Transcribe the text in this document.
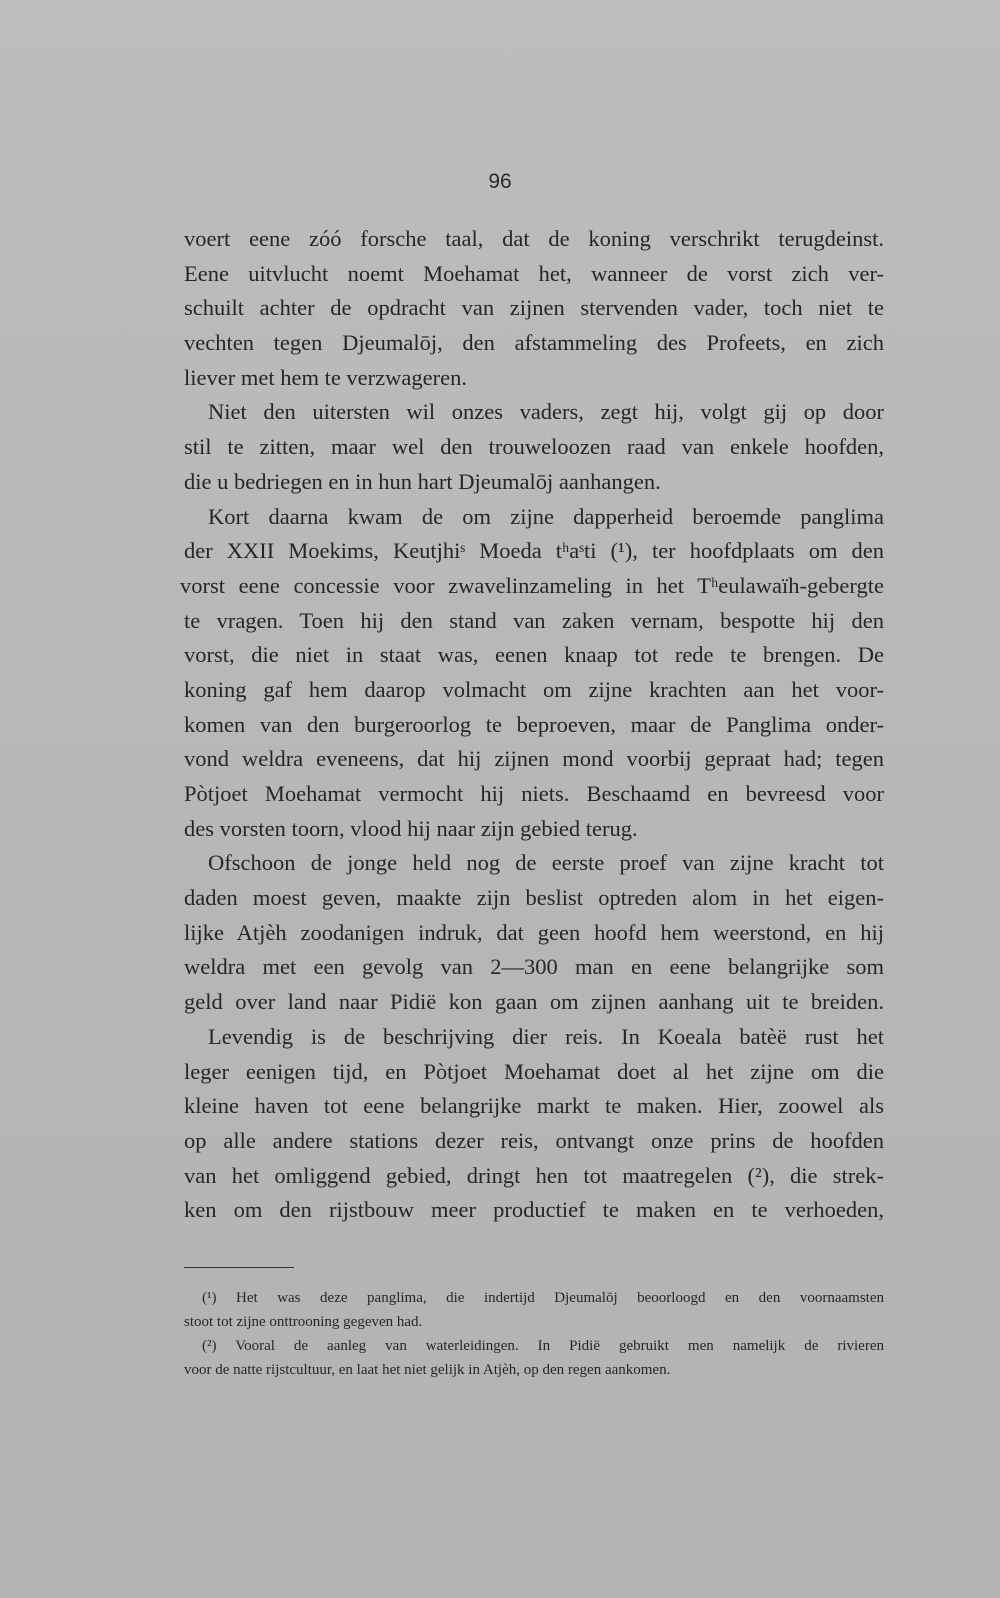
96
voert eene zóó forsche taal, dat de koning verschrikt terugdeinst.
Eene uitvlucht noemt Moehamat het, wanneer de vorst zich ver-
schuilt achter de opdracht van zijnen stervenden vader, toch niet te
vechten tegen Djeumalōj, den afstammeling des Profeets, en zich
liever met hem te verzwageren.
Niet den uitersten wil onzes vaders, zegt hij, volgt gij op door
stil te zitten, maar wel den trouweloozen raad van enkele hoofden,
die u bedriegen en in hun hart Djeumalōj aanhangen.
Kort daarna kwam de om zijne dapperheid beroemde panglima
der XXII Moekims, Keutjhiˢ Moeda tʰaˢti (¹), ter hoofdplaats om den
vorst eene concessie voor zwavelinzameling in het Tʰeulawaïh-gebergte
te vragen. Toen hij den stand van zaken vernam, bespotte hij den
vorst, die niet in staat was, eenen knaap tot rede te brengen. De
koning gaf hem daarop volmacht om zijne krachten aan het voor-
komen van den burgeroorlog te beproeven, maar de Panglima onder-
vond weldra eveneens, dat hij zijnen mond voorbij gepraat had; tegen
Pòtjoet Moehamat vermocht hij niets. Beschaamd en bevreesd voor
des vorsten toorn, vlood hij naar zijn gebied terug.
Ofschoon de jonge held nog de eerste proef van zijne kracht tot
daden moest geven, maakte zijn beslist optreden alom in het eigen-
lijke Atjèh zoodanigen indruk, dat geen hoofd hem weerstond, en hij
weldra met een gevolg van 2—300 man en eene belangrijke som
geld over land naar Pidië kon gaan om zijnen aanhang uit te breiden.
Levendig is de beschrijving dier reis. In Koeala batèë rust het
leger eenigen tijd, en Pòtjoet Moehamat doet al het zijne om die
kleine haven tot eene belangrijke markt te maken. Hier, zoowel als
op alle andere stations dezer reis, ontvangt onze prins de hoofden
van het omliggend gebied, dringt hen tot maatregelen (²), die strek-
ken om den rijstbouw meer productief te maken en te verhoeden,
(¹) Het was deze panglima, die indertijd Djeumalōj beoorloogd en den voornaamsten
stoot tot zijne onttrooning gegeven had.
(²) Vooral de aanleg van waterleidingen. In Pidië gebruikt men namelijk de rivieren
voor de natte rijstcultuur, en laat het niet gelijk in Atjèh, op den regen aankomen.
